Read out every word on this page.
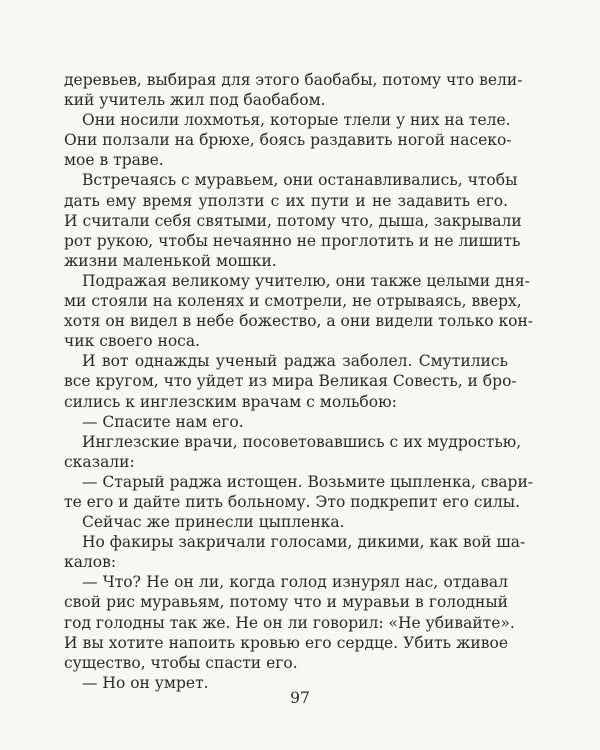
деревьев, выбирая для этого баобабы, потому что вели-
кий учитель жил под баобабом.
Они носили лохмотья, которые тлели у них на теле.
Они ползали на брюхе, боясь раздавить ногой насеко-
мое в траве.
Встречаясь с муравьем, они останавливались, чтобы
дать ему время уползти с их пути и не задавить его.
И считали себя святыми, потому что, дыша, закрывали
рот рукою, чтобы нечаянно не проглотить и не лишить
жизни маленькой мошки.
Подражая великому учителю, они также целыми дня-
ми стояли на коленях и смотрели, не отрываясь, вверх,
хотя он видел в небе божество, а они видели только кон-
чик своего носа.
И вот однажды ученый раджа заболел. Смутились
все кругом, что уйдет из мира Великая Совесть, и бро-
сились к инглезским врачам с мольбою:
— Спасите нам его.
Инглезские врачи, посоветовавшись с их мудростью,
сказали:
— Старый раджа истощен. Возьмите цыпленка, свари-
те его и дайте пить больному. Это подкрепит его силы.
Сейчас же принесли цыпленка.
Но факиры закричали голосами, дикими, как вой ша-
калов:
— Что? Не он ли, когда голод изнурял нас, отдавал
свой рис муравьям, потому что и муравьи в голодный
год голодны так же. Не он ли говорил: «Не убивайте».
И вы хотите напоить кровью его сердце. Убить живое
существо, чтобы спасти его.
— Но он умрет.
97
